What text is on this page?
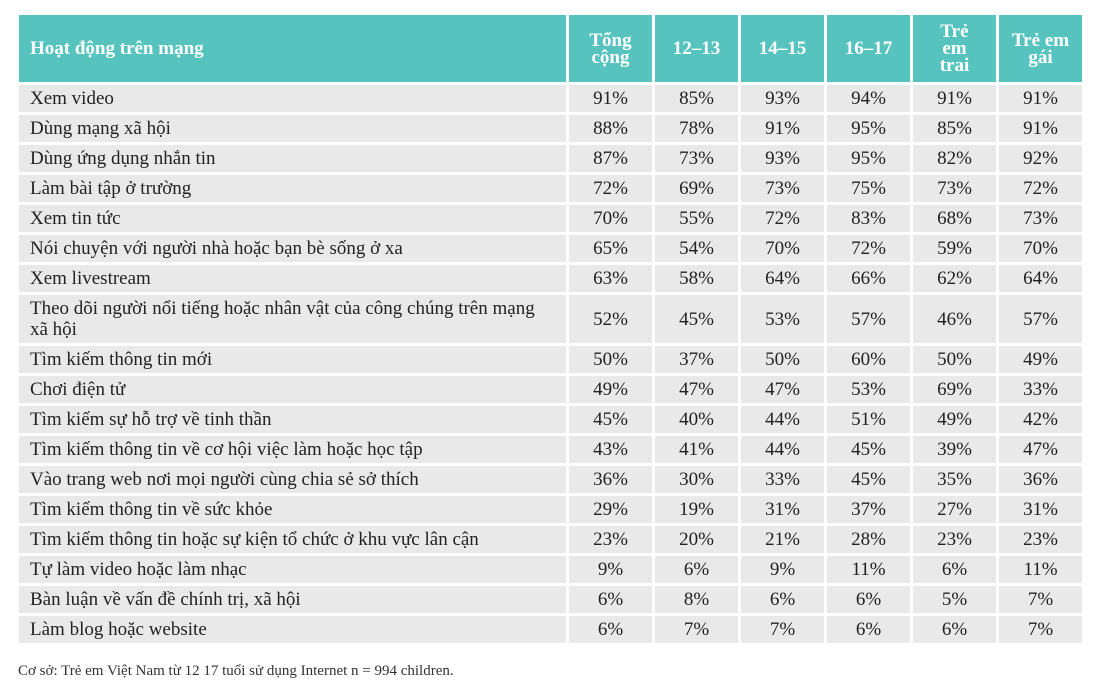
Hoạt động trên mạng	Tổng cộng	12–13	14–15	16–17	Trẻ em trai	Trẻ em gái
Xem video	91%	85%	93%	94%	91%	91%
Dùng mạng xã hội	88%	78%	91%	95%	85%	91%
Dùng ứng dụng nhắn tin	87%	73%	93%	95%	82%	92%
Làm bài tập ở trường	72%	69%	73%	75%	73%	72%
Xem tin tức	70%	55%	72%	83%	68%	73%
Nói chuyện với người nhà hoặc bạn bè sống ở xa	65%	54%	70%	72%	59%	70%
Xem livestream	63%	58%	64%	66%	62%	64%
Theo dõi người nổi tiếng hoặc nhân vật của công chúng trên mạng xã hội	52%	45%	53%	57%	46%	57%
Tìm kiếm thông tin mới	50%	37%	50%	60%	50%	49%
Chơi điện tử	49%	47%	47%	53%	69%	33%
Tìm kiếm sự hỗ trợ về tinh thần	45%	40%	44%	51%	49%	42%
Tìm kiếm thông tin về cơ hội việc làm hoặc học tập	43%	41%	44%	45%	39%	47%
Vào trang web nơi mọi người cùng chia sẻ sở thích	36%	30%	33%	45%	35%	36%
Tìm kiếm thông tin về sức khỏe	29%	19%	31%	37%	27%	31%
Tìm kiếm thông tin hoặc sự kiện tổ chức ở khu vực lân cận	23%	20%	21%	28%	23%	23%
Tự làm video hoặc làm nhạc	9%	6%	9%	11%	6%	11%
Bàn luận về vấn đề chính trị, xã hội	6%	8%	6%	6%	5%	7%
Làm blog hoặc website	6%	7%	7%	6%	6%	7%
Cơ sở: Trẻ em Việt Nam từ 12 17 tuổi sử dụng Internet n = 994 children.
